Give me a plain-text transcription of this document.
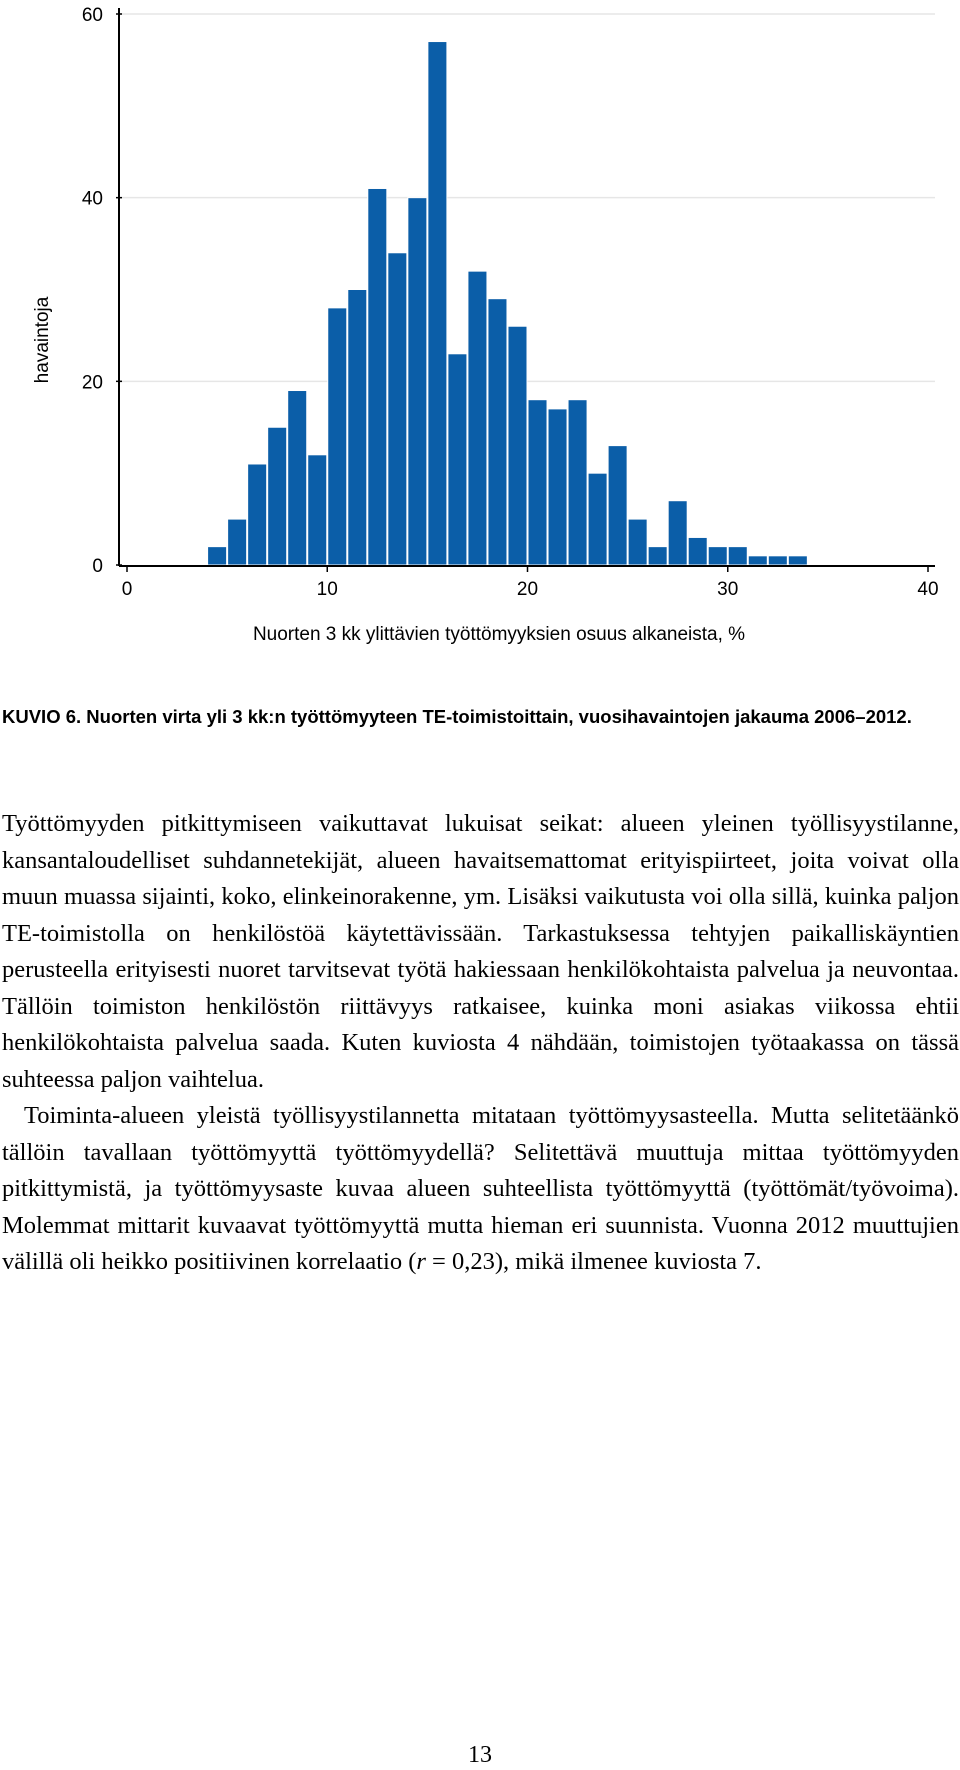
0
20
40
60
0	10	20	30	40
havaintoja
Nuorten 3 kk ylittävien työttömyyksien osuus alkaneista, %
KUVIO 6. Nuorten virta yli 3 kk:n työttömyyteen TE-toimistoittain, vuosihavaintojen jakauma 2006–2012.

Työttömyyden pitkittymiseen vaikuttavat lukuisat seikat: alueen yleinen työllisyystilanne, kansantaloudelliset suhdannetekijät, alueen havaitsemattomat erityispiirteet, joita voivat olla muun muassa sijainti, koko, elinkeinorakenne, ym. Lisäksi vaikutusta voi olla sillä, kuinka paljon TE-toimistolla on henkilöstöä käytettävissään. Tarkastuksessa tehtyjen paikalliskäyntien perusteella erityisesti nuoret tarvitsevat työtä hakiessaan henkilökohtaista palvelua ja neuvontaa. Tällöin toimiston henkilöstön riittävyys ratkaisee, kuinka moni asiakas viikossa ehtii henkilökohtaista palvelua saada. Kuten kuviosta 4 nähdään, toimistojen työtaakassa on tässä suhteessa paljon vaihtelua.

Toiminta-alueen yleistä työllisyystilannetta mitataan työttömyysasteella. Mutta selitetäänkö tällöin tavallaan työttömyyttä työttömyydellä? Selitettävä muuttuja mittaa työttömyyden pitkittymistä, ja työttömyysaste kuvaa alueen suhteellista työttömyyttä (työttömät/työvoima). Molemmat mittarit kuvaavat työttömyyttä mutta hieman eri suunnista. Vuonna 2012 muuttujien välillä oli heikko positiivinen korrelaatio (r = 0,23), mikä ilmenee kuviosta 7.

13
